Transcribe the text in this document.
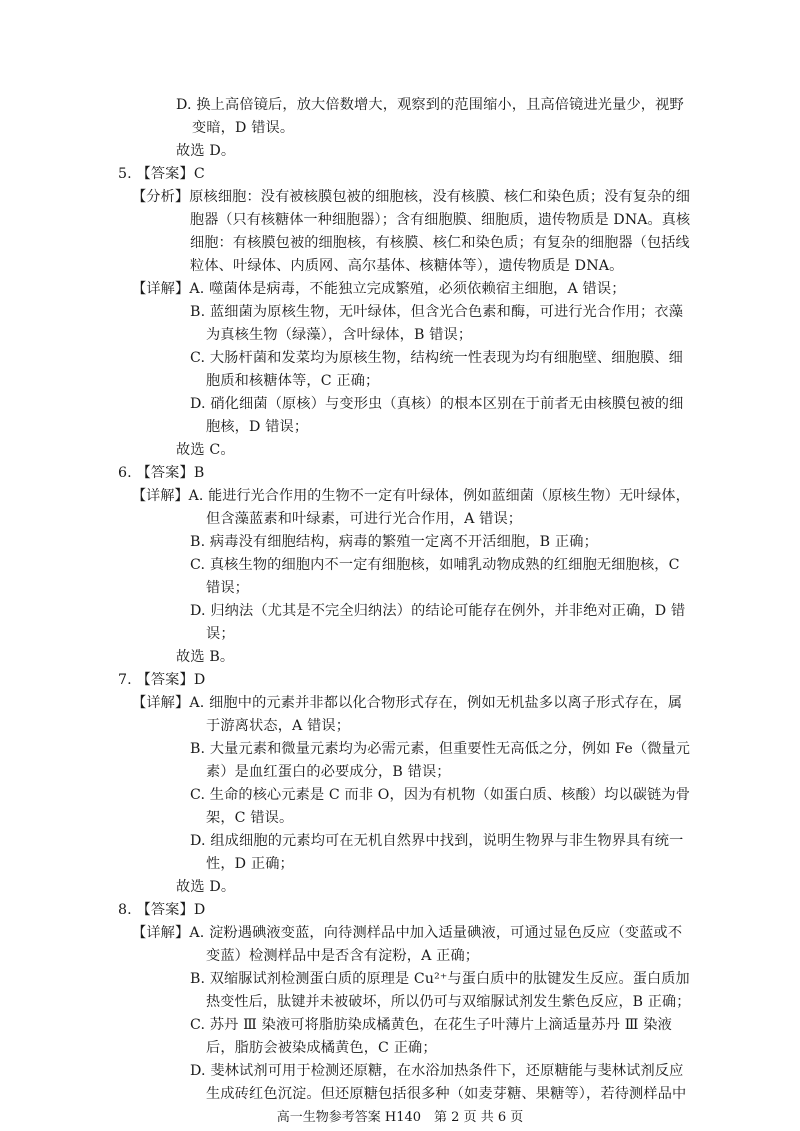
D. 换上高倍镜后，放大倍数增大，观察到的范围缩小，且高倍镜进光量少，视野
变暗，D 错误。
故选 D。
5. 【答案】C
【分析】原核细胞：没有被核膜包被的细胞核，没有核膜、核仁和染色质；没有复杂的细
胞器（只有核糖体一种细胞器）；含有细胞膜、细胞质，遗传物质是 DNA。真核
细胞：有核膜包被的细胞核，有核膜、核仁和染色质；有复杂的细胞器（包括线
粒体、叶绿体、内质网、高尔基体、核糖体等），遗传物质是 DNA。
【详解】A. 噬菌体是病毒，不能独立完成繁殖，必须依赖宿主细胞，A 错误；
B. 蓝细菌为原核生物，无叶绿体，但含光合色素和酶，可进行光合作用；衣藻
为真核生物（绿藻），含叶绿体，B 错误；
C. 大肠杆菌和发菜均为原核生物，结构统一性表现为均有细胞壁、细胞膜、细
胞质和核糖体等，C 正确；
D. 硝化细菌（原核）与变形虫（真核）的根本区别在于前者无由核膜包被的细
胞核，D 错误；
故选 C。
6. 【答案】B
【详解】A. 能进行光合作用的生物不一定有叶绿体，例如蓝细菌（原核生物）无叶绿体，
但含藻蓝素和叶绿素，可进行光合作用，A 错误；
B. 病毒没有细胞结构，病毒的繁殖一定离不开活细胞，B 正确；
C. 真核生物的细胞内不一定有细胞核，如哺乳动物成熟的红细胞无细胞核，C
错误；
D. 归纳法（尤其是不完全归纳法）的结论可能存在例外，并非绝对正确，D 错
误；
故选 B。
7. 【答案】D
【详解】A. 细胞中的元素并非都以化合物形式存在，例如无机盐多以离子形式存在，属
于游离状态，A 错误；
B. 大量元素和微量元素均为必需元素，但重要性无高低之分，例如 Fe（微量元
素）是血红蛋白的必要成分，B 错误；
C. 生命的核心元素是 C 而非 O，因为有机物（如蛋白质、核酸）均以碳链为骨
架，C 错误。
D. 组成细胞的元素均可在无机自然界中找到，说明生物界与非生物界具有统一
性，D 正确；
故选 D。
8. 【答案】D
【详解】A. 淀粉遇碘液变蓝，向待测样品中加入适量碘液，可通过显色反应（变蓝或不
变蓝）检测样品中是否含有淀粉，A 正确；
B. 双缩脲试剂检测蛋白质的原理是 Cu²⁺与蛋白质中的肽键发生反应。蛋白质加
热变性后，肽键并未被破坏，所以仍可与双缩脲试剂发生紫色反应，B 正确；
C. 苏丹 Ⅲ 染液可将脂肪染成橘黄色，在花生子叶薄片上滴适量苏丹 Ⅲ 染液
后，脂肪会被染成橘黄色，C 正确；
D. 斐林试剂可用于检测还原糖，在水浴加热条件下，还原糖能与斐林试剂反应
生成砖红色沉淀。但还原糖包括很多种（如麦芽糖、果糖等），若待测样品中
高一生物参考答案 H140　第 2 页 共 6 页
